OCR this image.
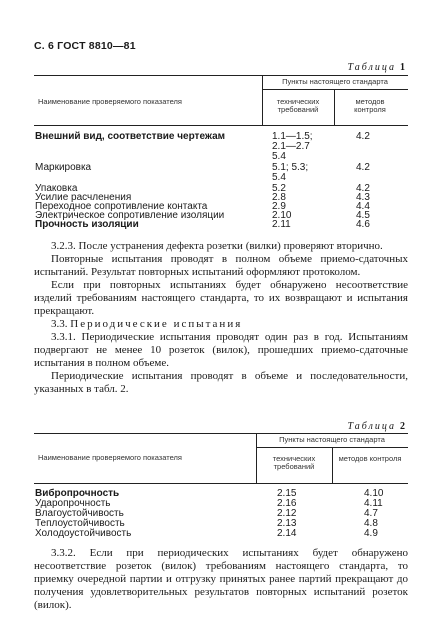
С. 6 ГОСТ 8810—81
Таблица 1
Наименование проверяемого показателя
Пункты настоящего стандарта
технических требований
методов контроля
Внешний вид, соответствие чертежам	1.1—1.5;	4.2
2.1—2.7
5.4
Маркировка	5.1; 5.3;	4.2
5.4
Упаковка	5.2	4.2
Усилие расчленения	2.8	4.3
Переходное сопротивление контакта	2.9	4.4
Электрическое сопротивление изоляции	2.10	4.5
Прочность изоляции	2.11	4.6

3.2.3. После устранения дефекта розетки (вилки) проверяют вторично.

Повторные испытания проводят в полном объеме приемо-сдаточных испытаний. Результат повторных испытаний оформляют протоколом.

Если при повторных испытаниях будет обнаружено несоответствие изделий требованиям настоящего стандарта, то их возвращают и испытания прекращают.

3.3. Периодические испытания

3.3.1. Периодические испытания проводят один раз в год. Испытаниям подвергают не менее 10 розеток (вилок), прошедших приемо-сдаточные испытания в полном объеме.

Периодические испытания проводят в объеме и последовательности, указанных в табл. 2.

Таблица 2
Наименование проверяемого показателя
Пункты настоящего стандарта
технических требований
методов контроля
Вибропрочность	2.15	4.10
Ударопрочность	2.16	4.11
Влагоустойчивость	2.12	4.7
Теплоустойчивость	2.13	4.8
Холодоустойчивость	2.14	4.9

3.3.2. Если при периодических испытаниях будет обнаружено несоответствие розеток (вилок) требованиям настоящего стандарта, то приемку очередной партии и отгрузку принятых ранее партий прекращают до получения удовлетворительных результатов повторных испытаний розеток (вилок).
